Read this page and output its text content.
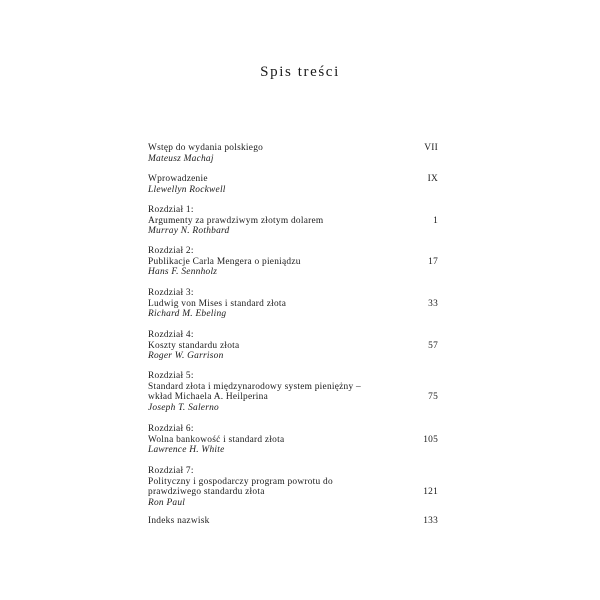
Spis treści
Wstęp do wydania polskiego
Mateusz Machaj
VII
Wprowadzenie
Llewellyn Rockwell
IX
Rozdział 1:
Argumenty za prawdziwym złotym dolarem
Murray N. Rothbard
1
Rozdział 2:
Publikacje Carla Mengera o pieniądzu
Hans F. Sennholz
17
Rozdział 3:
Ludwig von Mises i standard złota
Richard M. Ebeling
33
Rozdział 4:
Koszty standardu złota
Roger W. Garrison
57
Rozdział 5:
Standard złota i międzynarodowy system pieniężny –
wkład Michaela A. Heilperina
Joseph T. Salerno
75
Rozdział 6:
Wolna bankowość i standard złota
Lawrence H. White
105
Rozdział 7:
Polityczny i gospodarczy program powrotu do
prawdziwego standardu złota
Ron Paul
121
Indeks nazwisk	133
